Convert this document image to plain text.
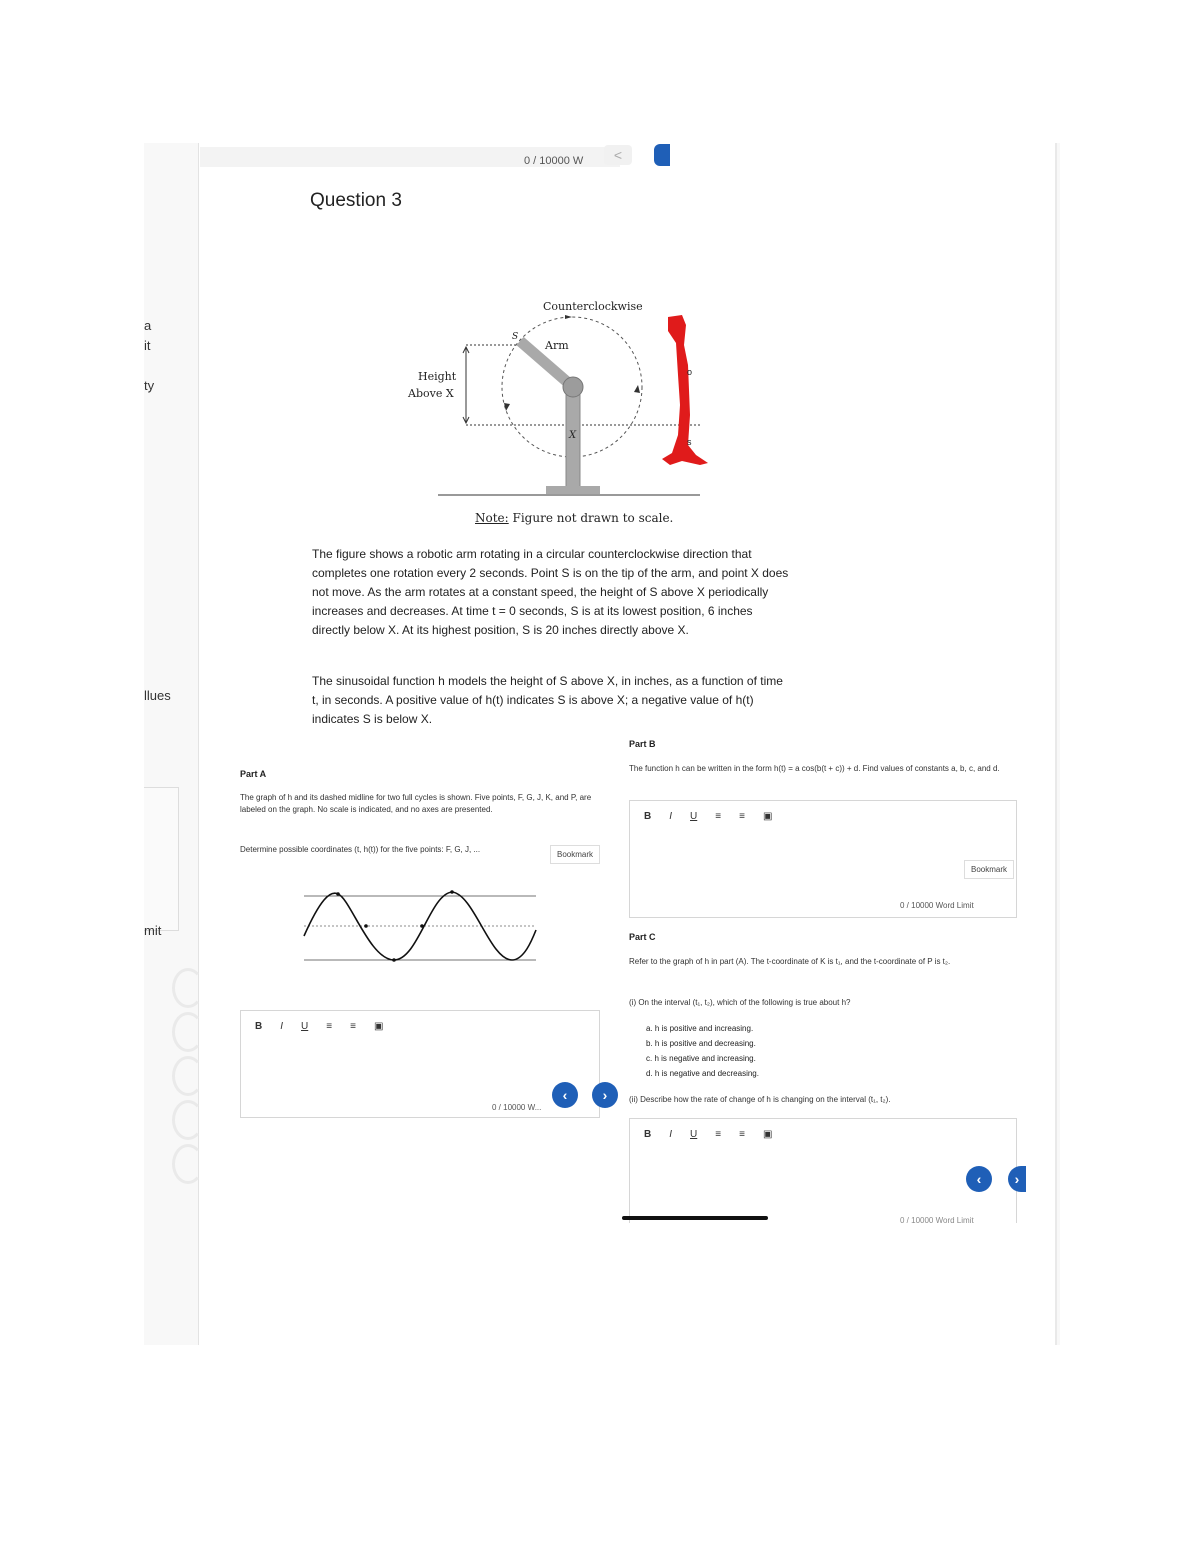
0 / 10000 W	<
a
it
ty
llues
mit
Question 3
Counterclockwise
Arm
Height
Above X
S
X
o
s
Note: Figure not drawn to scale.
The figure shows a robotic arm rotating in a circular counterclockwise direction that completes one rotation every 2 seconds. Point S is on the tip of the arm, and point X does not move. As the arm rotates at a constant speed, the height of S above X periodically increases and decreases. At time t = 0 seconds, S is at its lowest position, 6 inches directly below X. At its highest position, S is 20 inches directly above X.
The sinusoidal function h models the height of S above X, in inches, as a function of time t, in seconds. A positive value of h(t) indicates S is above X; a negative value of h(t) indicates S is below X.
Part A
The graph of h and its dashed midline for two full cycles is shown. Five points, F, G, J, K, and P, are labeled on the graph. No scale is indicated, and no axes are presented.
Determine possible coordinates (t, h(t)) for the five points: F, G, J, ...
Bookmark
B I U ≡ ≡ ▣
0 / 10000 W...
‹	›
Part B
The function h can be written in the form h(t) = a cos(b(t + c)) + d. Find values of constants a, b, c, and d.
B I U ≡ ≡ ▣
Bookmark
0 / 10000 Word Limit
Part C
Refer to the graph of h in part (A). The t-coordinate of K is t₁, and the t-coordinate of P is t₂.
(i) On the interval (t₁, t₂), which of the following is true about h?
a. h is positive and increasing.
b. h is positive and decreasing.
c. h is negative and increasing.
d. h is negative and decreasing.
(ii) Describe how the rate of change of h is changing on the interval (t₁, t₂).
B I U ≡ ≡ ▣
0 / 10000 Word Limit
‹	›
